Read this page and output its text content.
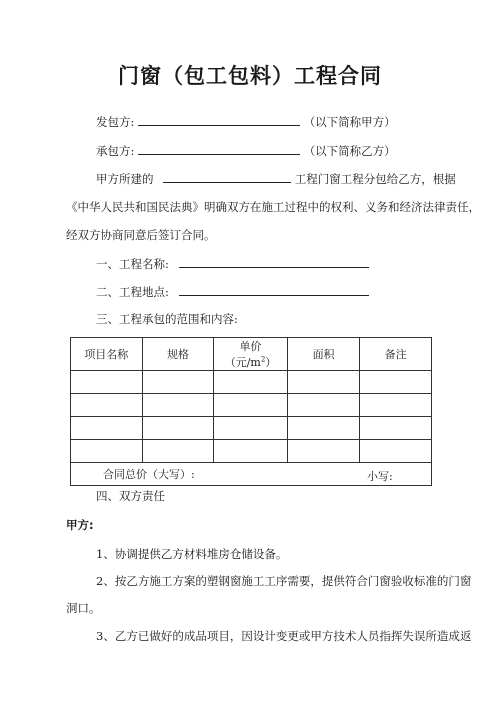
门窗（包工包料）工程合同
发包方:	（以下简称甲方）
承包方:	（以下简称乙方）
甲方所建的	工程门窗工程分包给乙方，根据
《中华人民共和国民法典》明确双方在施工过程中的权利、义务和经济法律责任，
经双方协商同意后签订合同。
一、工程名称:
二、工程地点:
三、工程承包的范围和内容:
项目名称	规格	单价（元$/m^2$）	面积	备注

合同总价（大写）: 小写:				
四、双方责任
甲方:
1、协调提供乙方材料堆房仓储设备。
2、按乙方施工方案的塑钢窗施工工序需要，提供符合门窗验收标准的门窗
洞口。
3、乙方已做好的成品项目，因设计变更或甲方技术人员指挥失误所造成返
